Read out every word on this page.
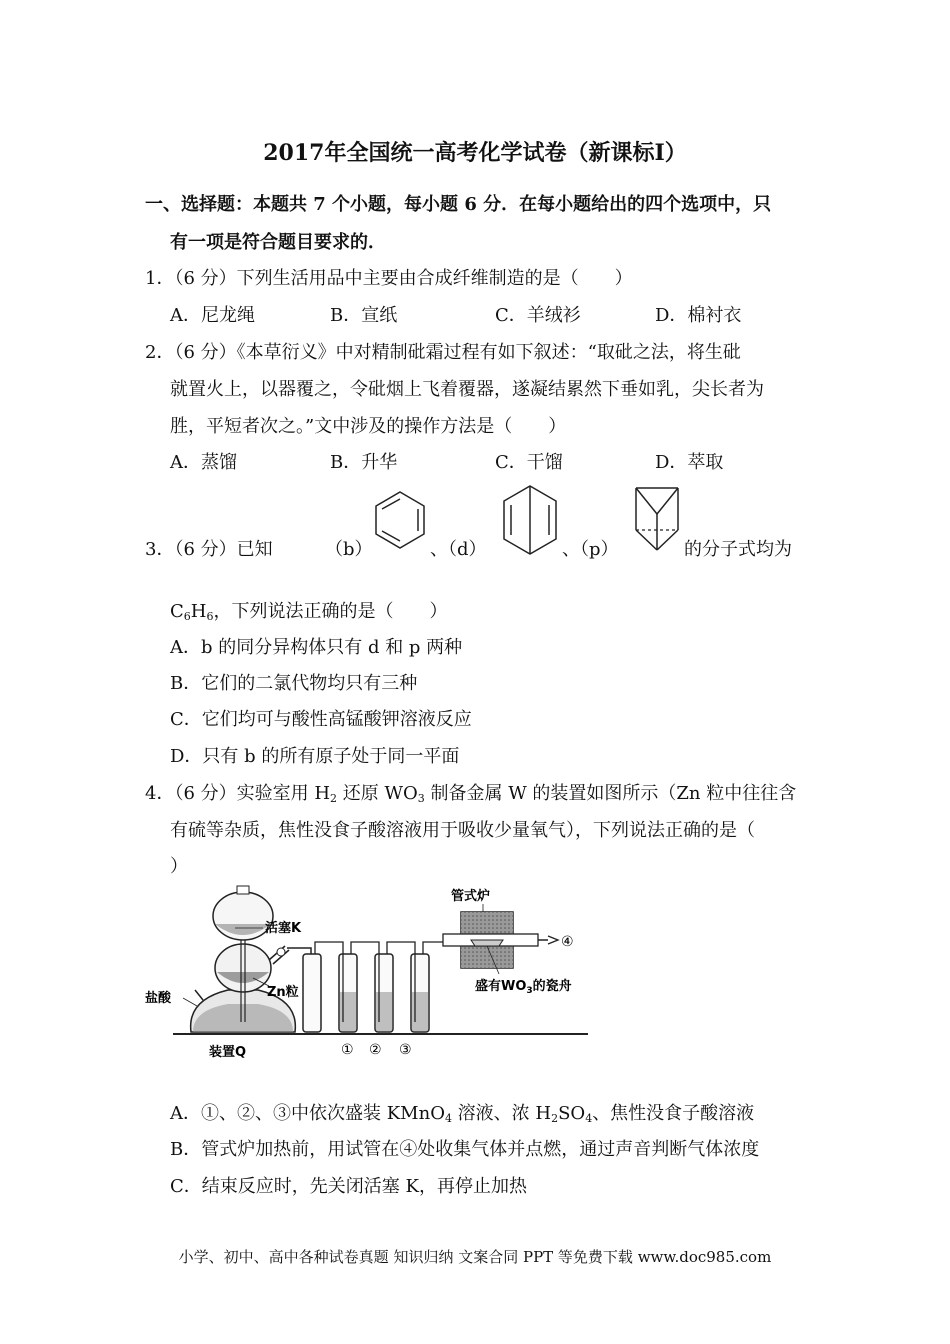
2017年全国统一高考化学试卷（新课标Ⅰ）
一、选择题：本题共 7 个小题，每小题 6 分．在每小题给出的四个选项中，只
有一项是符合题目要求的．
1．（6 分）下列生活用品中主要由合成纤维制造的是（　　）
A．尼龙绳	B．宣纸	C．羊绒衫	D．棉衬衣
2．（6 分）《本草衍义》中对精制砒霜过程有如下叙述：“取砒之法，将生砒
就置火上，以器覆之，令砒烟上飞着覆器，遂凝结累然下垂如乳，尖长者为
胜，平短者次之。”文中涉及的操作方法是（　　）
A．蒸馏	B．升华	C．干馏	D．萃取
3．（6 分）已知	（b）	、（d）	、（p）	的分子式均为
$C_6H_6$，下列说法正确的是（　　）
A．b 的同分异构体只有 d 和 p 两种
B．它们的二氯代物均只有三种
C．它们均可与酸性高锰酸钾溶液反应
D．只有 b 的所有原子处于同一平面
4．（6 分）实验室用 $H_2$ 还原 $WO_3$ 制备金属 W 的装置如图所示（Zn 粒中往往含
有硫等杂质，焦性没食子酸溶液用于吸收少量氧气），下列说法正确的是（
）
活塞K
Zn粒
盐酸
装置Q
管式炉
盛有$WO_3$的瓷舟
① ② ③
④
A．①、②、③中依次盛装 KMnO$_4$ 溶液、浓 $H_2SO_4$、焦性没食子酸溶液
B．管式炉加热前，用试管在④处收集气体并点燃，通过声音判断气体浓度
C．结束反应时，先关闭活塞 K，再停止加热
小学、初中、高中各种试卷真题 知识归纳 文案合同 PPT 等免费下载 www.doc985.com
